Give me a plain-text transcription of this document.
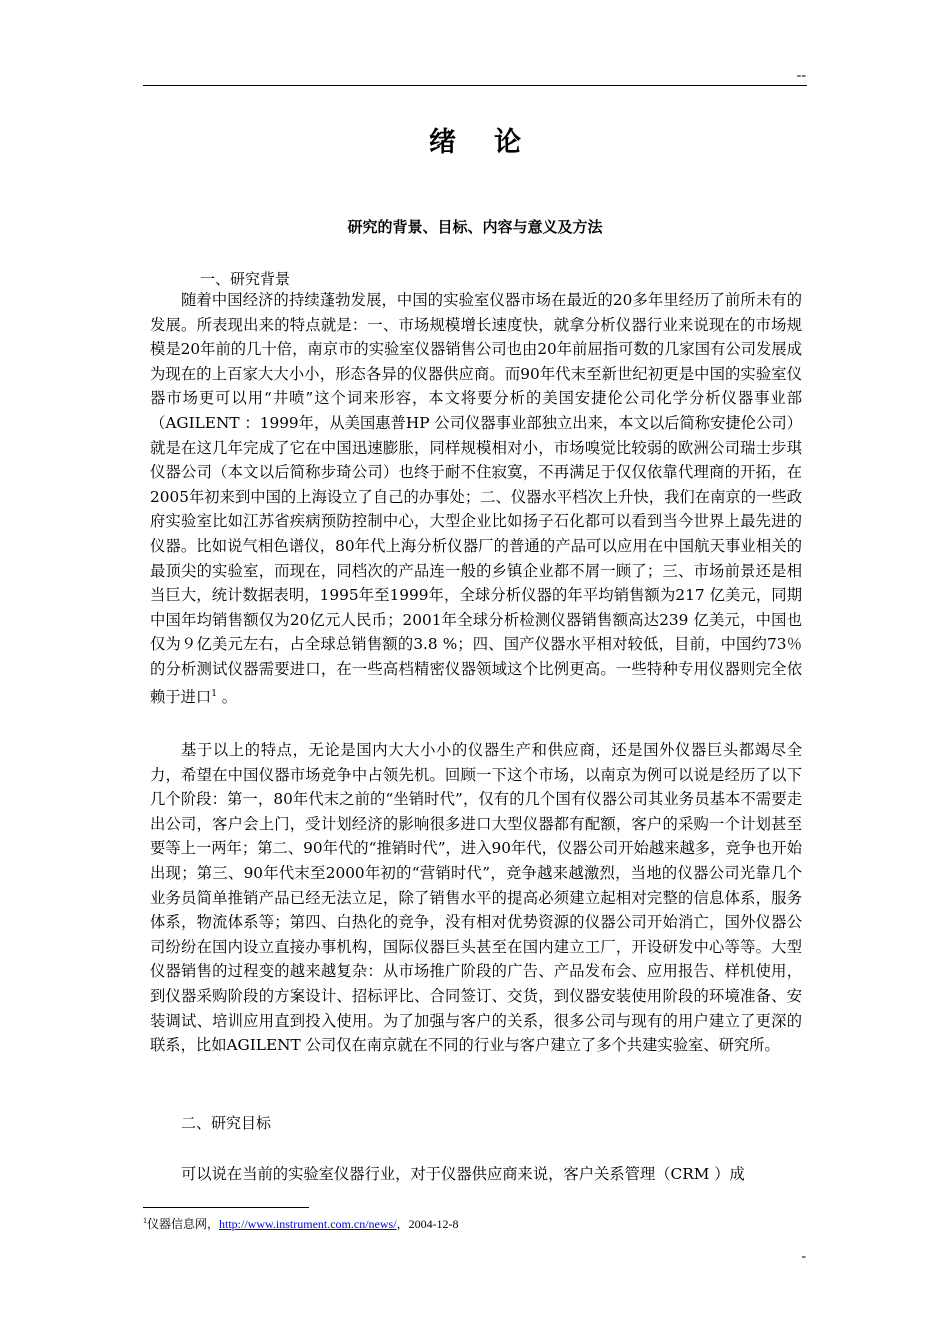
--
绪论
研究的背景、目标、内容与意义及方法
一、研究背景

随着中国经济的持续蓬勃发展，中国的实验室仪器市场在最近的20多年里经历了前所未有的发展。所表现出来的特点就是：一、市场规模增长速度快，就拿分析仪器行业来说现在的市场规模是20年前的几十倍，南京市的实验室仪器销售公司也由20年前屈指可数的几家国有公司发展成为现在的上百家大大小小，形态各异的仪器供应商。而90年代末至新世纪初更是中国的实验室仪器市场更可以用“井喷”这个词来形容，本文将要分析的美国安捷伦公司化学分析仪器事业部（AGILENT ：1999年，从美国惠普HP 公司仪器事业部独立出来，本文以后简称安捷伦公司）就是在这几年完成了它在中国迅速膨胀，同样规模相对小，市场嗅觉比较弱的欧洲公司瑞士步琪仪器公司（本文以后简称步琦公司）也终于耐不住寂寞，不再满足于仅仅依靠代理商的开拓，在2005年初来到中国的上海设立了自己的办事处；二、仪器水平档次上升快，我们在南京的一些政府实验室比如江苏省疾病预防控制中心，大型企业比如扬子石化都可以看到当今世界上最先进的仪器。比如说气相色谱仪，80年代上海分析仪器厂的普通的产品可以应用在中国航天事业相关的最顶尖的实验室，而现在，同档次的产品连一般的乡镇企业都不屑一顾了；三、市场前景还是相当巨大，统计数据表明，1995年至1999年，全球分析仪器的年平均销售额为217 亿美元，同期中国年均销售额仅为20亿元人民币；2001年全球分析检测仪器销售额高达239 亿美元，中国也仅为９亿美元左右，占全球总销售额的3.8 %；四、国产仪器水平相对较低，目前，中国约73％的分析测试仪器需要进口，在一些高档精密仪器领域这个比例更高。一些特种专用仪器则完全依赖于进口$^1$ 。

基于以上的特点，无论是国内大大小小的仪器生产和供应商，还是国外仪器巨头都竭尽全力，希望在中国仪器市场竞争中占领先机。回顾一下这个市场，以南京为例可以说是经历了以下几个阶段：第一，80年代末之前的“坐销时代”，仅有的几个国有仪器公司其业务员基本不需要走出公司，客户会上门，受计划经济的影响很多进口大型仪器都有配额，客户的采购一个计划甚至要等上一两年；第二、90年代的“推销时代”，进入90年代，仪器公司开始越来越多，竞争也开始出现；第三、90年代末至2000年初的“营销时代”，竞争越来越激烈，当地的仪器公司光靠几个业务员简单推销产品已经无法立足，除了销售水平的提高必须建立起相对完整的信息体系，服务体系，物流体系等；第四、白热化的竞争，没有相对优势资源的仪器公司开始消亡，国外仪器公司纷纷在国内设立直接办事机构，国际仪器巨头甚至在国内建立工厂，开设研发中心等等。大型仪器销售的过程变的越来越复杂：从市场推广阶段的广告、产品发布会、应用报告、样机使用，到仪器采购阶段的方案设计、招标评比、合同签订、交货，到仪器安装使用阶段的环境准备、安装调试、培训应用直到投入使用。为了加强与客户的关系，很多公司与现有的用户建立了更深的联系，比如AGILENT 公司仅在南京就在不同的行业与客户建立了多个共建实验室、研究所。

二、研究目标

可以说在当前的实验室仪器行业，对于仪器供应商来说，客户关系管理（CRM ）成

$^1$仪器信息网，http://www.instrument.com.cn/news/，2004-12-8
-
